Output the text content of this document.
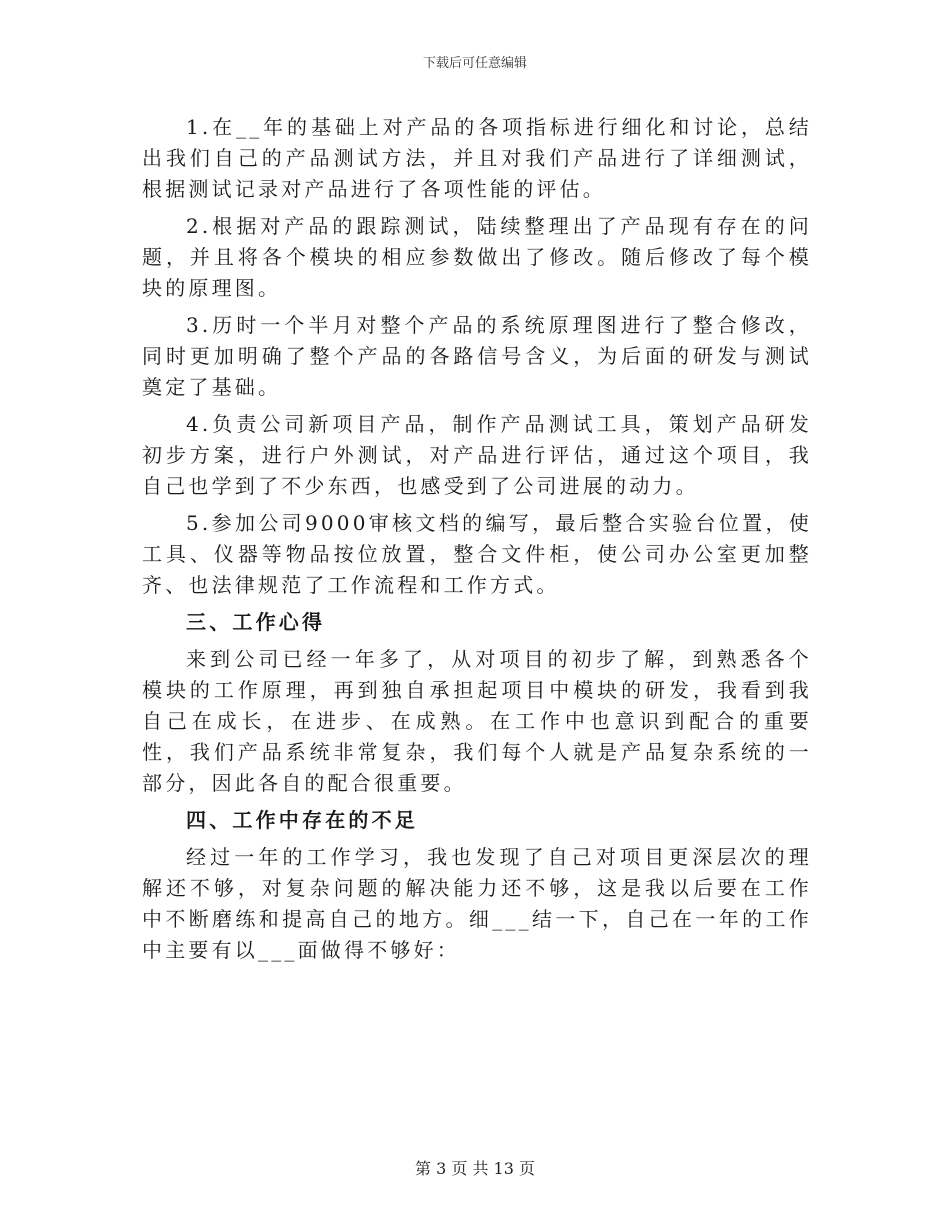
下载后可任意编辑

1.在__年的基础上对产品的各项指标进行细化和讨论，总结出我们自己的产品测试方法，并且对我们产品进行了详细测试，根据测试记录对产品进行了各项性能的评估。

2.根据对产品的跟踪测试，陆续整理出了产品现有存在的问题，并且将各个模块的相应参数做出了修改。随后修改了每个模块的原理图。

3.历时一个半月对整个产品的系统原理图进行了整合修改，同时更加明确了整个产品的各路信号含义，为后面的研发与测试奠定了基础。

4.负责公司新项目产品，制作产品测试工具，策划产品研发初步方案，进行户外测试，对产品进行评估，通过这个项目，我自己也学到了不少东西，也感受到了公司进展的动力。

5.参加公司9000审核文档的编写，最后整合实验台位置，使工具、仪器等物品按位放置，整合文件柜，使公司办公室更加整齐、也法律规范了工作流程和工作方式。

三、工作心得

来到公司已经一年多了，从对项目的初步了解，到熟悉各个模块的工作原理，再到独自承担起项目中模块的研发，我看到我自己在成长，在进步、在成熟。在工作中也意识到配合的重要性，我们产品系统非常复杂，我们每个人就是产品复杂系统的一部分，因此各自的配合很重要。

四、工作中存在的不足

经过一年的工作学习，我也发现了自己对项目更深层次的理解还不够，对复杂问题的解决能力还不够，这是我以后要在工作中不断磨练和提高自己的地方。细___结一下，自己在一年的工作中主要有以___面做得不够好：

第 3 页 共 13 页
